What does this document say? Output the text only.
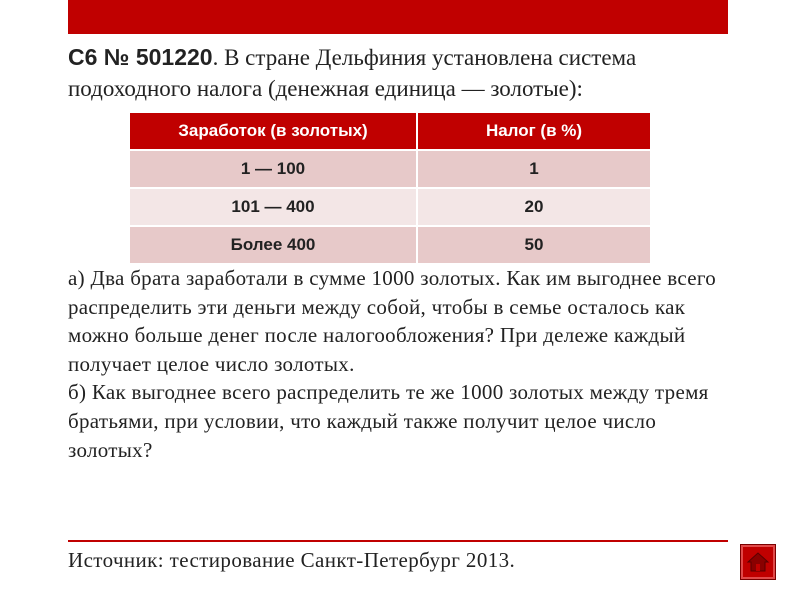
C6 № 501220. В стране Дельфиния установлена система подоходного налога (денежная единица — золотые):
Заработок (в золотых)	Налог (в %)
1 — 100	1
101 — 400	20
Более 400	50

а) Два брата заработали в сумме 1000 золотых. Как им выгоднее всего распределить эти деньги между собой, чтобы в семье осталось как можно больше денег после налогообложения? При дележе каждый получает целое число золотых.

б) Как выгоднее всего распределить те же 1000 золотых между тремя братьями, при условии, что каждый также получит целое число золотых?

Источник: тестирование Санкт-Петербург 2013.
